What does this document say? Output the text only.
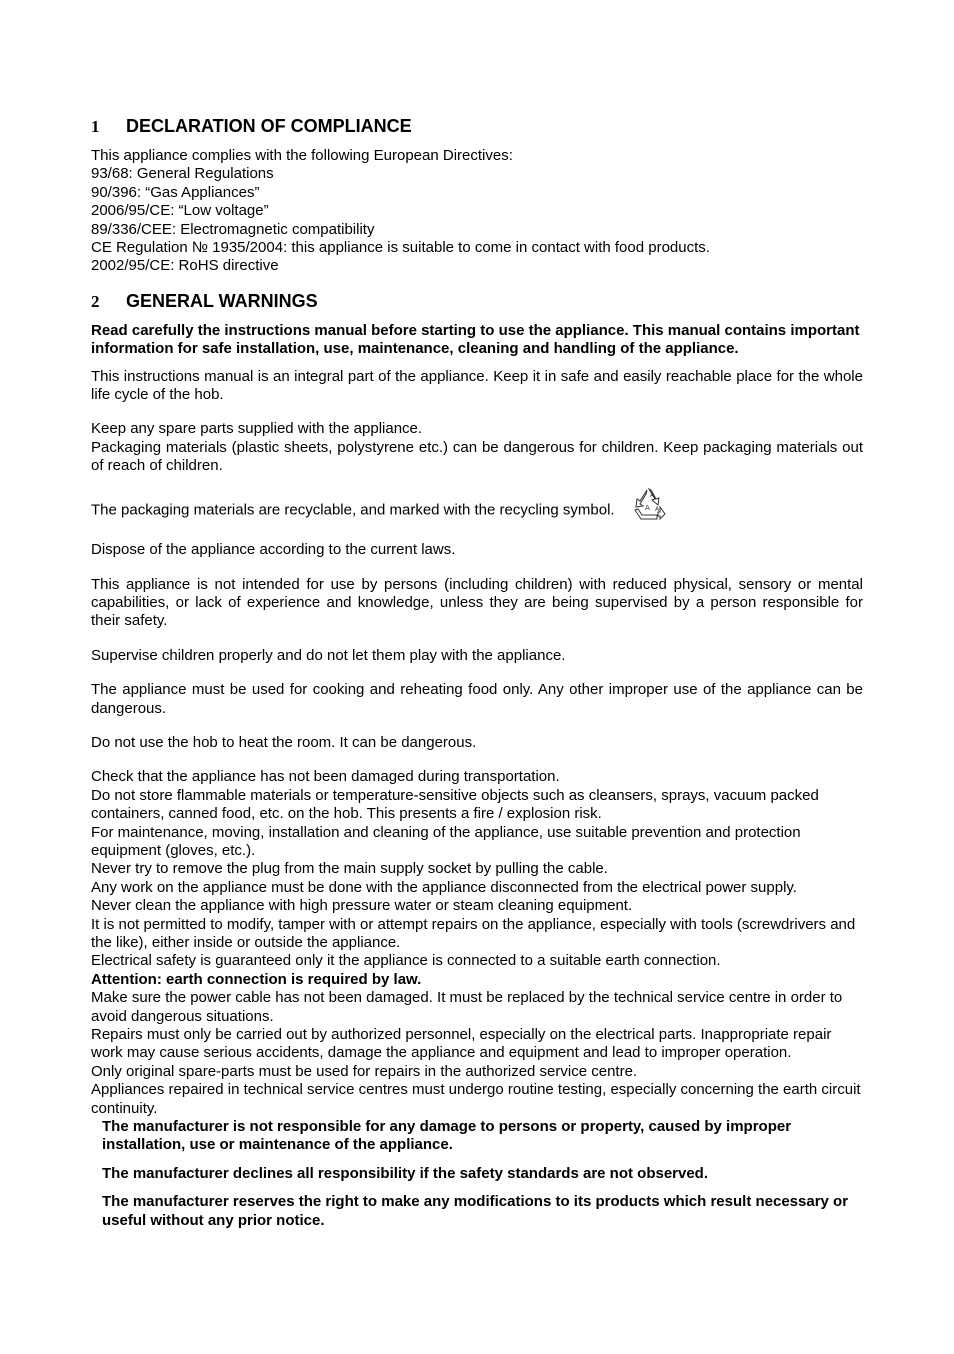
1	DECLARATION OF COMPLIANCE
This appliance complies with the following European Directives:
93/68: General Regulations
90/396: “Gas Appliances”
2006/95/CE: “Low voltage”
89/336/CEE: Electromagnetic compatibility
CE Regulation № 1935/2004: this appliance is suitable to come in contact with food products.
2002/95/CE: RoHS directive
2	GENERAL WARNINGS

Read carefully the instructions manual before starting to use the appliance. This manual contains important information for safe installation, use, maintenance, cleaning and handling of the appliance.

This instructions manual is an integral part of the appliance. Keep it in safe and easily reachable place for the whole life cycle of the hob.

Keep any spare parts supplied with the appliance.

Packaging materials (plastic sheets, polystyrene etc.) can be dangerous for children. Keep packaging materials out of reach of children.

The packaging materials are recyclable, and marked with the recycling symbol.	A
A
A

Dispose of the appliance according to the current laws.

This appliance is not intended for use by persons (including children) with reduced physical, sensory or mental capabilities, or lack of experience and knowledge, unless they are being supervised by a person responsible for their safety.

Supervise children properly and do not let them play with the appliance.

The appliance must be used for cooking and reheating food only. Any other improper use of the appliance can be dangerous.

Do not use the hob to heat the room. It can be dangerous.

Check that the appliance has not been damaged during transportation.

Do not store flammable materials or temperature-sensitive objects such as cleansers, sprays, vacuum packed containers, canned food, etc. on the hob. This presents a fire / explosion risk.

For maintenance, moving, installation and cleaning of the appliance, use suitable prevention and protection equipment (gloves, etc.).

Never try to remove the plug from the main supply socket by pulling the cable.

Any work on the appliance must be done with the appliance disconnected from the electrical power supply.

Never clean the appliance with high pressure water or steam cleaning equipment.

It is not permitted to modify, tamper with or attempt repairs on the appliance, especially with tools (screwdrivers and the like), either inside or outside the appliance.

Electrical safety is guaranteed only it the appliance is connected to a suitable earth connection.

Attention: earth connection is required by law.

Make sure the power cable has not been damaged. It must be replaced by the technical service centre in order to avoid dangerous situations.

Repairs must only be carried out by authorized personnel, especially on the electrical parts. Inappropriate repair work may cause serious accidents, damage the appliance and equipment and lead to improper operation.

Only original spare-parts must be used for repairs in the authorized service centre.

Appliances repaired in technical service centres must undergo routine testing, especially concerning the earth circuit continuity.

The manufacturer is not responsible for any damage to persons or property, caused by improper installation, use or maintenance of the appliance.

The manufacturer declines all responsibility if the safety standards are not observed.

The manufacturer reserves the right to make any modifications to its products which result necessary or useful without any prior notice.
